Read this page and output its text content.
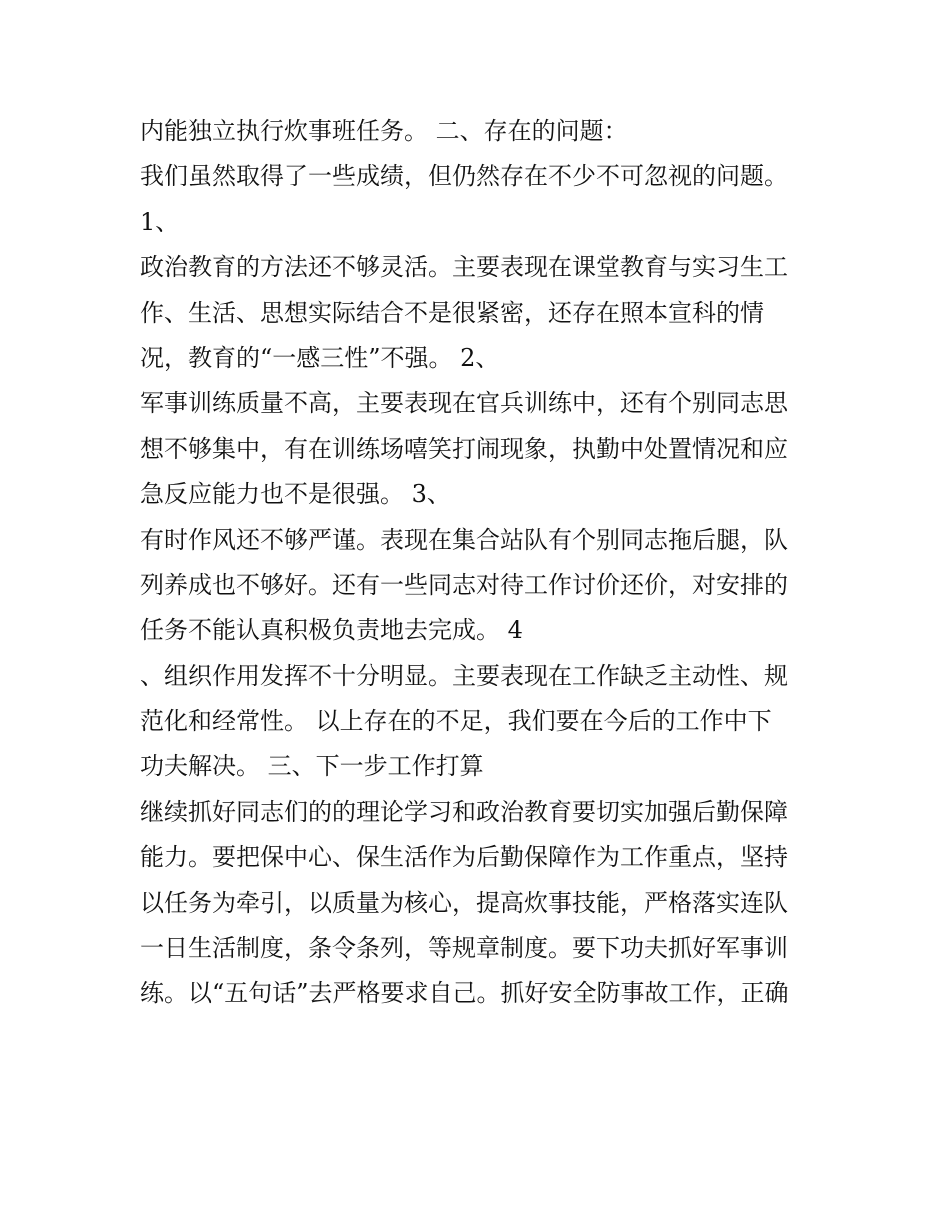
内能独立执行炊事班任务。 二、存在的问题：
我们虽然取得了一些成绩，但仍然存在不少不可忽视的问题。
1、
政治教育的方法还不够灵活。主要表现在课堂教育与实习生工
作、生活、思想实际结合不是很紧密，还存在照本宣科的情
况，教育的“一感三性”不强。 2、
军事训练质量不高，主要表现在官兵训练中，还有个别同志思
想不够集中，有在训练场嘻笑打闹现象，执勤中处置情况和应
急反应能力也不是很强。 3、
有时作风还不够严谨。表现在集合站队有个别同志拖后腿，队
列养成也不够好。还有一些同志对待工作讨价还价，对安排的
任务不能认真积极负责地去完成。 4
、组织作用发挥不十分明显。主要表现在工作缺乏主动性、规
范化和经常性。 以上存在的不足，我们要在今后的工作中下
功夫解决。 三、下一步工作打算
继续抓好同志们的的理论学习和政治教育要切实加强后勤保障
能力。要把保中心、保生活作为后勤保障作为工作重点，坚持
以任务为牵引，以质量为核心，提高炊事技能，严格落实连队
一日生活制度，条令条列，等规章制度。要下功夫抓好军事训
练。以“五句话”去严格要求自己。抓好安全防事故工作，正确
